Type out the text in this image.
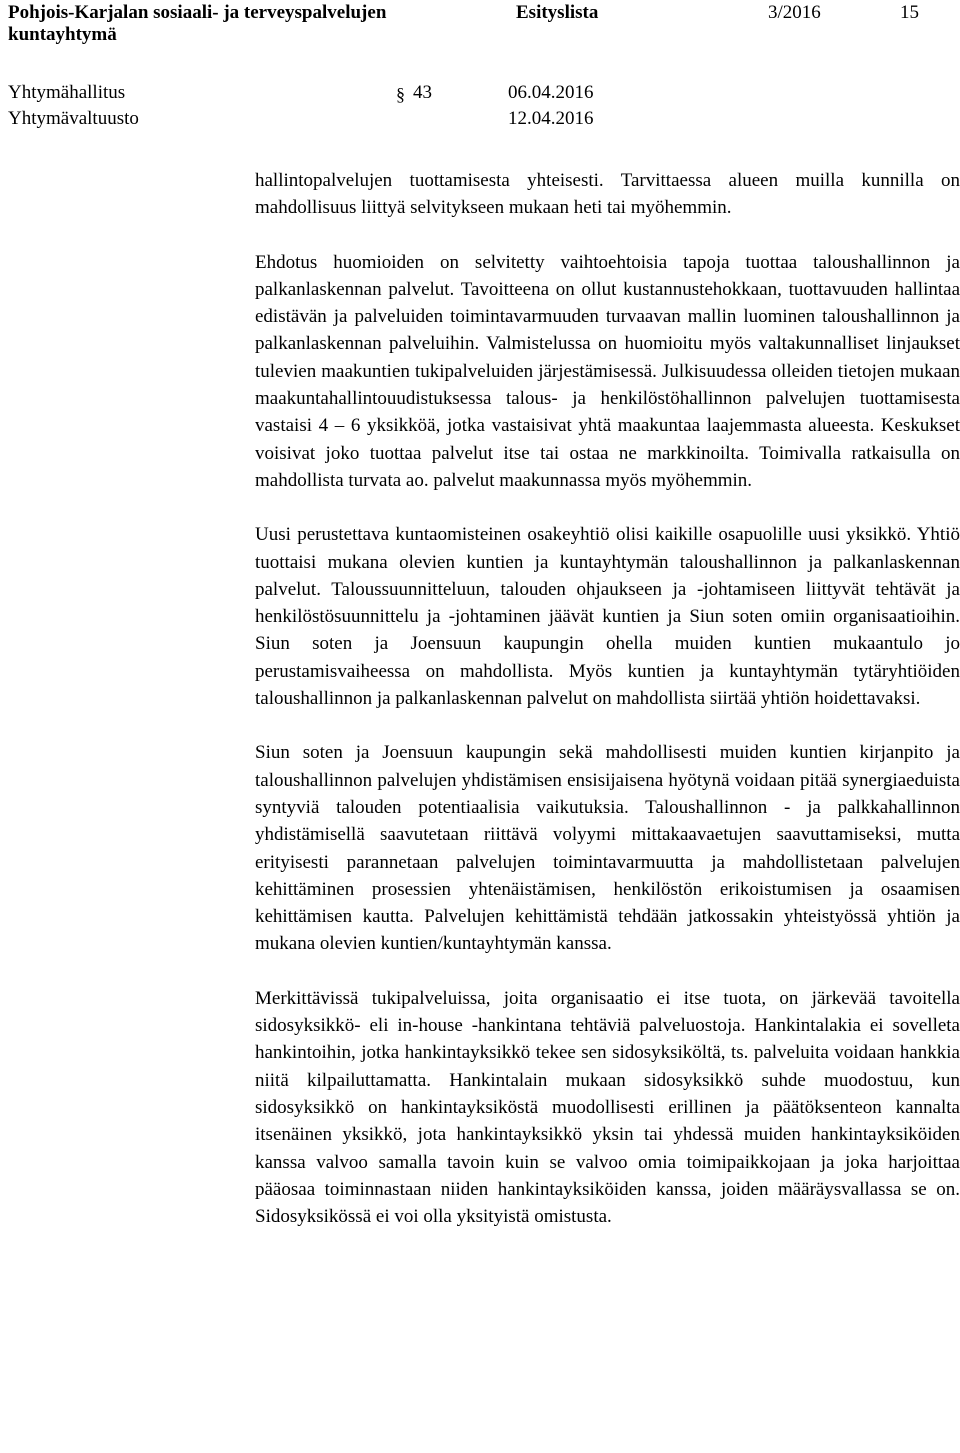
Pohjois-Karjalan sosiaali- ja terveyspalvelujen kuntayhtymä
Esityslista	3/2016	15
Yhtymähallitus
§	43	06.04.2016
Yhtymävaltuusto	12.04.2016

hallintopalvelujen tuottamisesta yhteisesti. Tarvittaessa alueen muilla kunnilla on mahdollisuus liittyä selvitykseen mukaan heti tai myöhemmin.

Ehdotus huomioiden on selvitetty vaihtoehtoisia tapoja tuottaa taloushallinnon ja palkanlaskennan palvelut. Tavoitteena on ollut kustannustehokkaan, tuottavuuden hallintaa edistävän ja palveluiden toimintavarmuuden turvaavan mallin luominen taloushallinnon ja palkanlaskennan palveluihin. Valmistelussa on huomioitu myös valtakunnalliset linjaukset tulevien maakuntien tukipalveluiden järjestämisessä. Julkisuudessa olleiden tietojen mukaan maakuntahallintouudistuksessa talous- ja henkilöstöhallinnon palvelujen tuottamisesta vastaisi 4 – 6 yksikköä, jotka vastaisivat yhtä maakuntaa laajemmasta alueesta. Keskukset voisivat joko tuottaa palvelut itse tai ostaa ne markkinoilta. Toimivalla ratkaisulla on mahdollista turvata ao. palvelut maakunnassa myös myöhemmin.

Uusi perustettava kuntaomisteinen osakeyhtiö olisi kaikille osapuolille uusi yksikkö. Yhtiö tuottaisi mukana olevien kuntien ja kuntayhtymän taloushallinnon ja palkanlaskennan palvelut. Taloussuunnitteluun, talouden ohjaukseen ja -johtamiseen liittyvät tehtävät ja henkilöstösuunnittelu ja -johtaminen jäävät kuntien ja Siun soten omiin organisaatioihin. Siun soten ja Joensuun kaupungin ohella muiden kuntien mukaantulo jo perustamisvaiheessa on mahdollista. Myös kuntien ja kuntayhtymän tytäryhtiöiden taloushallinnon ja palkanlaskennan palvelut on mahdollista siirtää yhtiön hoidettavaksi.

Siun soten ja Joensuun kaupungin sekä mahdollisesti muiden kuntien kirjanpito ja taloushallinnon palvelujen yhdistämisen ensisijaisena hyötynä voidaan pitää synergiaeduista syntyviä talouden potentiaalisia vaikutuksia. Taloushallinnon - ja palkkahallinnon yhdistämisellä saavutetaan riittävä volyymi mittakaavaetujen saavuttamiseksi, mutta erityisesti parannetaan palvelujen toimintavarmuutta ja mahdollistetaan palvelujen kehittäminen prosessien yhtenäistämisen, henkilöstön erikoistumisen ja osaamisen kehittämisen kautta. Palvelujen kehittämistä tehdään jatkossakin yhteistyössä yhtiön ja mukana olevien kuntien/kuntayhtymän kanssa.

Merkittävissä tukipalveluissa, joita organisaatio ei itse tuota, on järkevää tavoitella sidosyksikkö- eli in-house -hankintana tehtäviä palveluostoja. Hankintalakia ei sovelleta hankintoihin, jotka hankintayksikkö tekee sen sidosyksiköltä, ts. palveluita voidaan hankkia niitä kilpailuttamatta. Hankintalain mukaan sidosyksikkö suhde muodostuu, kun sidosyksikkö on hankintayksiköstä muodollisesti erillinen ja päätöksenteon kannalta itsenäinen yksikkö, jota hankintayksikkö yksin tai yhdessä muiden hankintayksiköiden kanssa valvoo samalla tavoin kuin se valvoo omia toimipaikkojaan ja joka harjoittaa pääosaa toiminnastaan niiden hankintayksiköiden kanssa, joiden määräysvallassa se on. Sidosyksikössä ei voi olla yksityistä omistusta.
